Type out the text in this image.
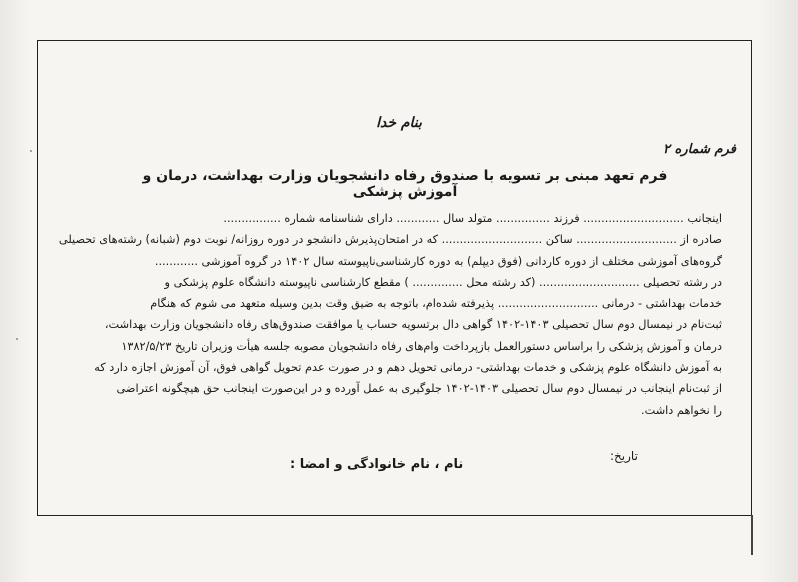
بنام خدا
فرم شماره ۲
فرم تعهد مبنی بر تسویه با صندوق رفاه دانشجویان وزارت بهداشت، درمان و آموزش پزشکی

اینجانب ............................ فرزند ............... متولد سال ............ دارای شناسنامه شماره ................

صادره از ............................ ساکن ............................ که در امتحان‌پذیرش دانشجو در دوره روزانه/ نوبت دوم (شبانه) رشته‌های تحصیلی

گروه‌های آموزشی مختلف از دوره کاردانی (فوق دیپلم) به دوره کارشناسی‌ناپیوسته سال ۱۴۰۲ در گروه آموزشی ............

در رشته تحصیلی ............................ (کد رشته محل .............. ) مقطع کارشناسی ناپیوسته دانشگاه علوم پزشکی و

خدمات بهداشتی - درمانی ............................ پذیرفته شده‌ام، باتوجه به ضیق وقت بدین وسیله متعهد می شوم که هنگام

ثبت‌نام در نیمسال دوم سال تحصیلی ۱۴۰۳-۱۴۰۲ گواهی دال برتسویه حساب یا موافقت صندوق‌های رفاه دانشجویان وزارت بهداشت،

درمان و آموزش پزشکی را براساس دستورالعمل بازپرداخت وام‌های رفاه دانشجویان مصوبه جلسه هیأت وزیران تاریخ ۱۳۸۲/۵/۲۳

به آموزش دانشگاه علوم پزشکی و خدمات بهداشتی- درمانی تحویل دهم و در صورت عدم تحویل گواهی فوق، آن آموزش اجازه دارد که

از ثبت‌نام اینجانب در نیمسال دوم سال تحصیلی ۱۴۰۳-۱۴۰۲ جلوگیری به عمل آورده و در این‌صورت اینجانب حق هیچگونه اعتراضی

را نخواهم داشت.

تاریخ:
نام ، نام خانوادگی و امضا :
